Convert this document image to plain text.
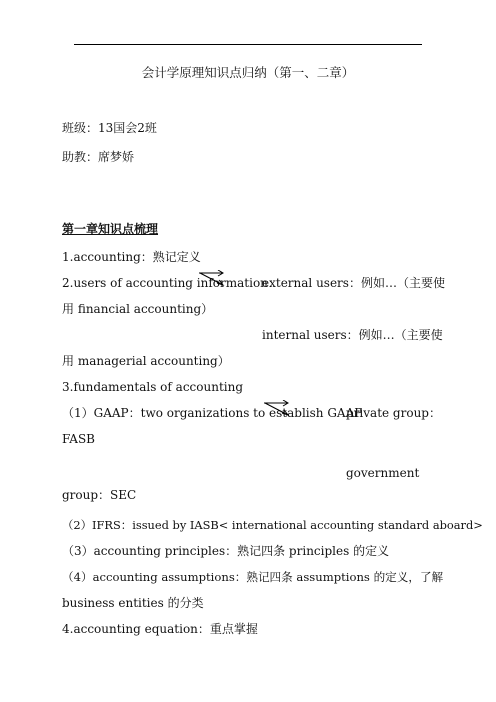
会计学原理知识点归纳（第一、二章）
班级：13国会2班
助教：席梦娇
第一章知识点梳理
1.accounting：熟记定义
2.users of accounting information：
external users：例如…（主要使
用 financial accounting）
internal users：例如…（主要使
用 managerial accounting）
3.fundamentals of accounting
（1）GAAP：two organizations to establish GAAP
private group：
FASB
government
group：SEC
（2）IFRS：issued by IASB< international accounting standard aboard>
（3）accounting principles：熟记四条 principles 的定义
（4）accounting assumptions：熟记四条 assumptions 的定义，了解
business entities 的分类
4.accounting equation：重点掌握
